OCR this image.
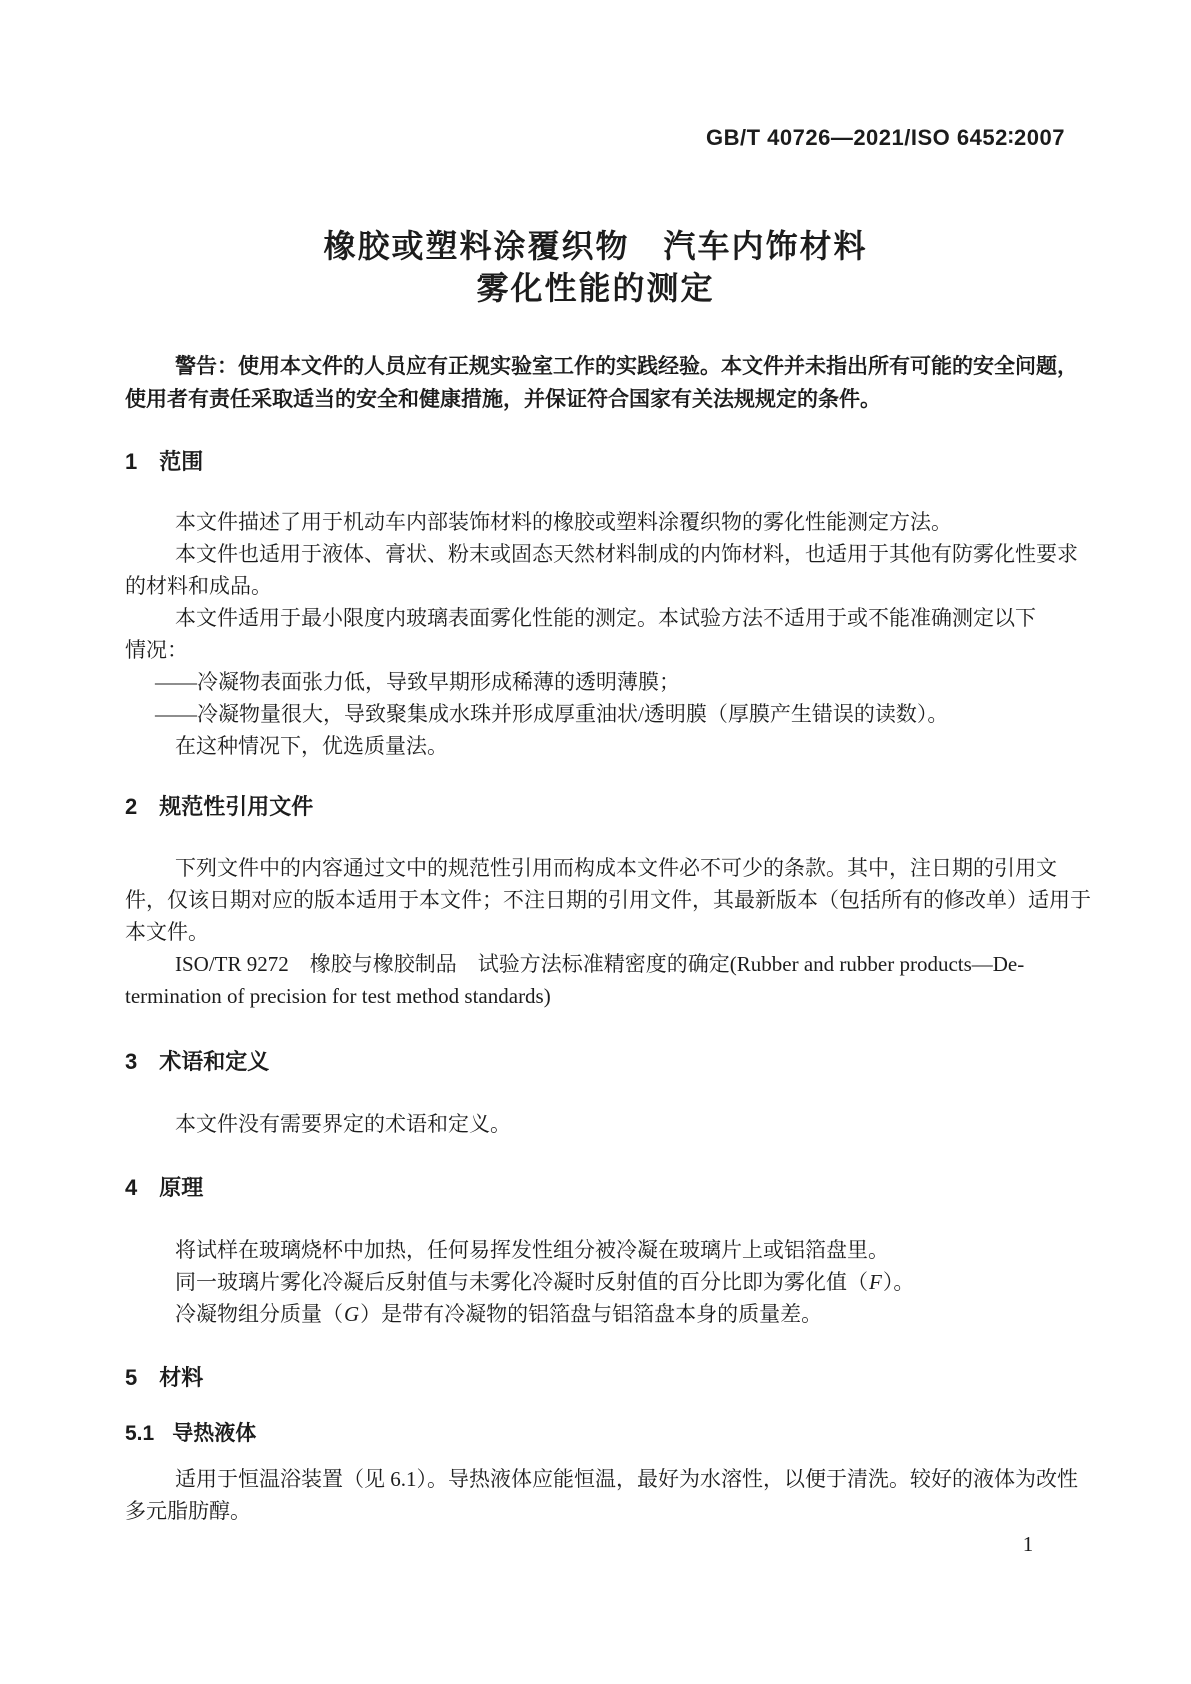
GB/T 40726—2021/ISO 6452∶2007
橡胶或塑料涂覆织物　汽车内饰材料
雾化性能的测定
警告：使用本文件的人员应有正规实验室工作的实践经验。本文件并未指出所有可能的安全问题，
使用者有责任采取适当的安全和健康措施，并保证符合国家有关法规规定的条件。
1 范围
本文件描述了用于机动车内部装饰材料的橡胶或塑料涂覆织物的雾化性能测定方法。
本文件也适用于液体、膏状、粉末或固态天然材料制成的内饰材料，也适用于其他有防雾化性要求
的材料和成品。
本文件适用于最小限度内玻璃表面雾化性能的测定。本试验方法不适用于或不能准确测定以下
情况：
——冷凝物表面张力低，导致早期形成稀薄的透明薄膜；
——冷凝物量很大，导致聚集成水珠并形成厚重油状/透明膜（厚膜产生错误的读数）。
在这种情况下，优选质量法。
2 规范性引用文件
下列文件中的内容通过文中的规范性引用而构成本文件必不可少的条款。其中，注日期的引用文
件，仅该日期对应的版本适用于本文件；不注日期的引用文件，其最新版本（包括所有的修改单）适用于
本文件。
ISO/TR 9272　橡胶与橡胶制品　试验方法标准精密度的确定(Rubber and rubber products—De-
termination of precision for test method standards)
3 术语和定义
本文件没有需要界定的术语和定义。
4 原理
将试样在玻璃烧杯中加热，任何易挥发性组分被冷凝在玻璃片上或铝箔盘里。
同一玻璃片雾化冷凝后反射值与未雾化冷凝时反射值的百分比即为雾化值（F）。
冷凝物组分质量（G）是带有冷凝物的铝箔盘与铝箔盘本身的质量差。
5 材料
5.1 导热液体
适用于恒温浴装置（见 6.1）。导热液体应能恒温，最好为水溶性，以便于清洗。较好的液体为改性
多元脂肪醇。
1
